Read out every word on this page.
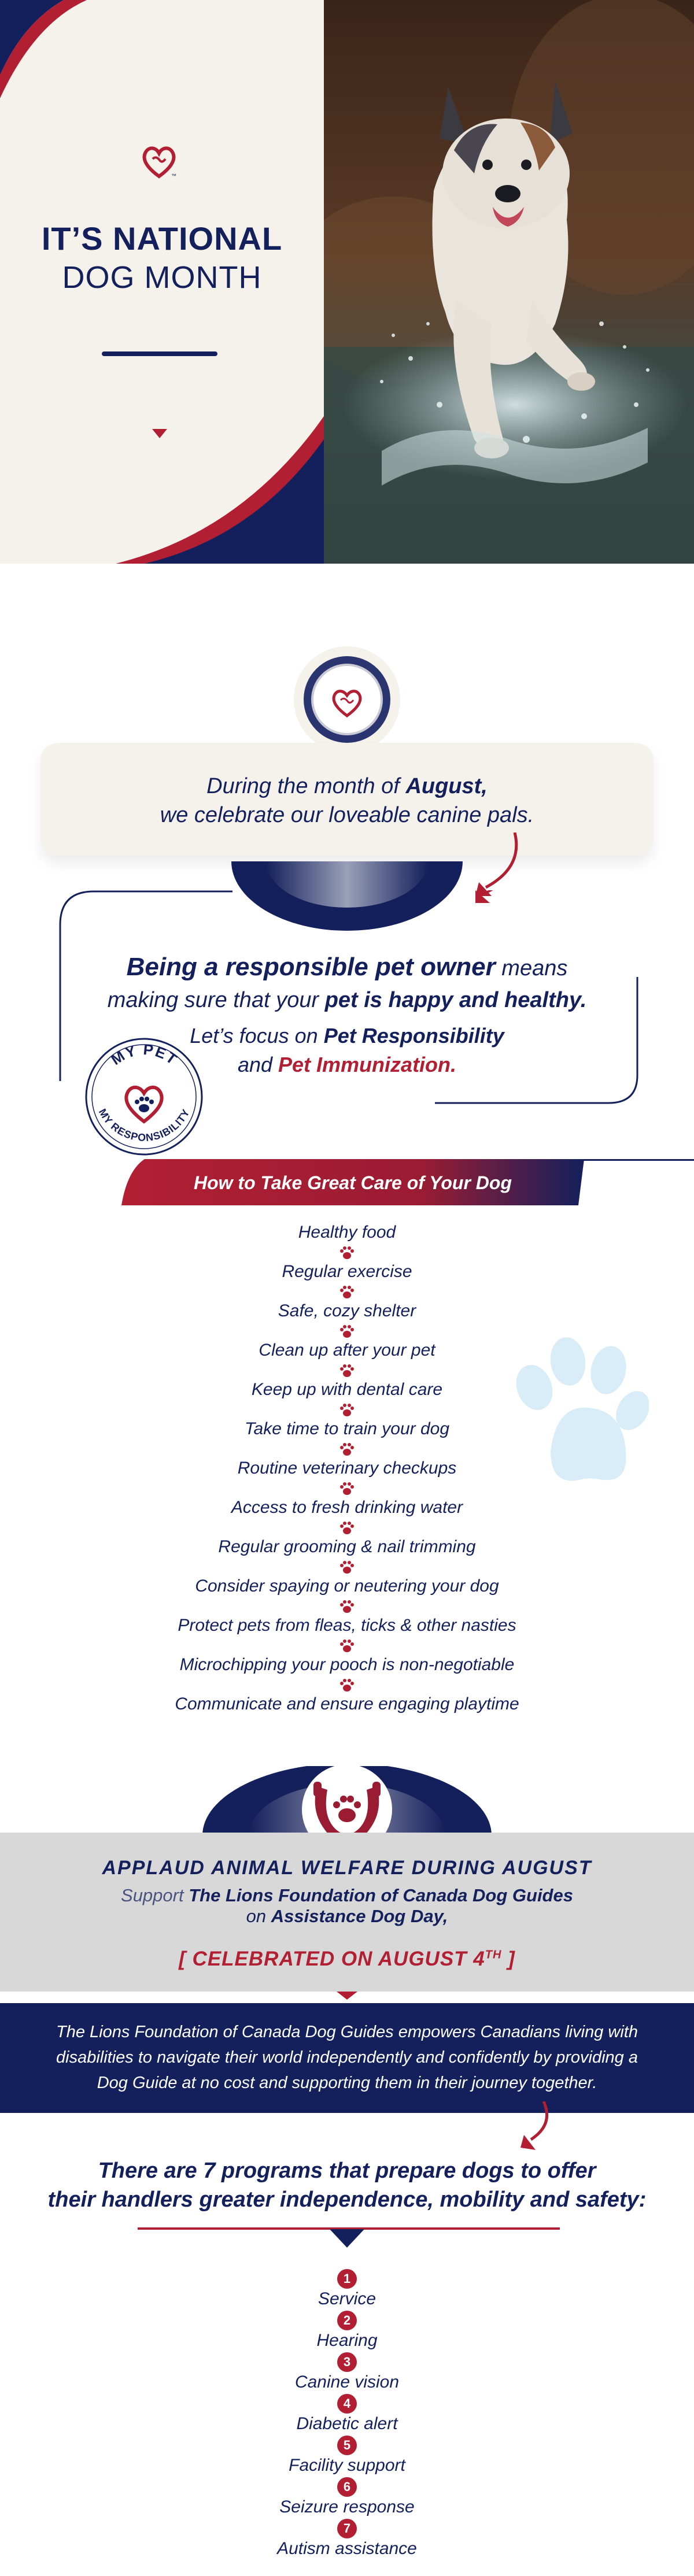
™
IT’S NATIONAL
DOG MONTH

During the month of August,

we celebrate our loveable canine pals.

Being a responsible pet owner means

making sure that your pet is happy and healthy.

Let’s focus on Pet Responsibility

and Pet Immunization.

MY PET
MY RESPONSIBILITY
How to Take Great Care of Your Dog
Healthy food
Regular exercise
Safe, cozy shelter
Clean up after your pet
Keep up with dental care
Take time to train your dog
Routine veterinary checkups
Access to fresh drinking water
Regular grooming & nail trimming
Consider spaying or neutering your dog
Protect pets from fleas, ticks & other nasties
Microchipping your pooch is non-negotiable
Communicate and ensure engaging playtime

APPLAUD ANIMAL WELFARE DURING AUGUST

Support The Lions Foundation of Canada Dog Guides

on Assistance Dog Day,

[ CELEBRATED ON AUGUST 4TH ]

The Lions Foundation of Canada Dog Guides empowers Canadians living with disabilities to navigate their world independently and confidently by providing a Dog Guide at no cost and supporting them in their journey together.

There are 7 programs that prepare dogs to offer

their handlers greater independence, mobility and safety:

1
Service
2
Hearing
3
Canine vision
4
Diabetic alert
5
Facility support
6
Seizure response
7
Autism assistance
